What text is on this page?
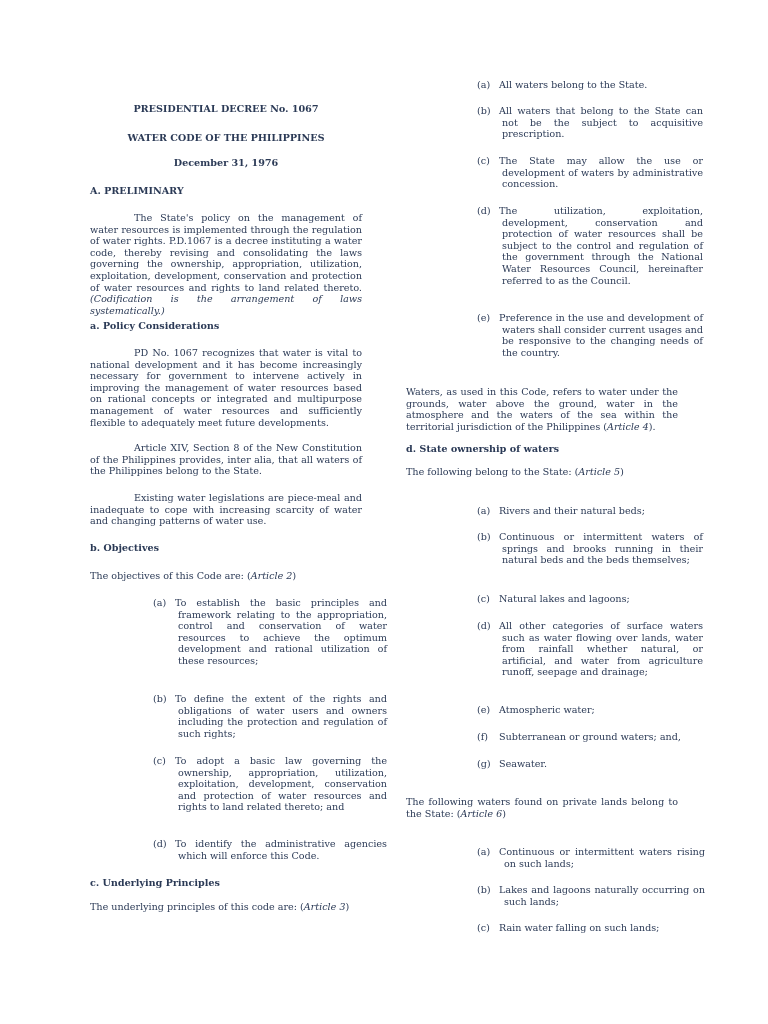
PRESIDENTIAL DECREE No. 1067

WATER CODE OF THE PHILIPPINES

December 31, 1976

A. PRELIMINARY

The State's policy on the management of water resources is implemented through the regulation of water rights. P.D.1067 is a decree instituting a water code, thereby revising and consolidating the laws governing the ownership, appropriation, utilization, exploitation, development, conservation and protection of water resources and rights to land related thereto. (Codification is the arrangement of laws systematically.)

a. Policy Considerations

PD No. 1067 recognizes that water is vital to national development and it has become increasingly necessary for government to intervene actively in improving the management of water resources based on rational concepts or integrated and multipurpose management of water resources and sufficiently flexible to adequately meet future developments.

Article XIV, Section 8 of the New Constitution of the Philippines provides, inter alia, that all waters of the Philippines belong to the State.

Existing water legislations are piece-meal and inadequate to cope with increasing scarcity of water and changing patterns of water use.

b. Objectives

The objectives of this Code are: (Article 2)

(a) To establish the basic principles and framework relating to the appropriation, control and conservation of water resources to achieve the optimum development and rational utilization of these resources;

(b) To define the extent of the rights and obligations of water users and owners including the protection and regulation of such rights;

(c) To adopt a basic law governing the ownership, appropriation, utilization, exploitation, development, conservation and protection of water resources and rights to land related thereto; and

(d) To identify the administrative agencies which will enforce this Code.

c. Underlying Principles

The underlying principles of this code are: (Article 3)

(a) All waters belong to the State.

(b) All waters that belong to the State can not be the subject to acquisitive prescription.

(c) The State may allow the use or development of waters by administrative concession.

(d) The utilization, exploitation, development, conservation and protection of water resources shall be subject to the control and regulation of the government through the National Water Resources Council, hereinafter referred to as the Council.

(e) Preference in the use and development of waters shall consider current usages and be responsive to the changing needs of the country.

Waters, as used in this Code, refers to water under the grounds, water above the ground, water in the atmosphere and the waters of the sea within the territorial jurisdiction of the Philippines (Article 4).

d. State ownership of waters

The following belong to the State: (Article 5)

(a) Rivers and their natural beds;

(b) Continuous or intermittent waters of springs and brooks running in their natural beds and the beds themselves;

(c) Natural lakes and lagoons;

(d) All other categories of surface waters such as water flowing over lands, water from rainfall whether natural, or artificial, and water from agriculture runoff, seepage and drainage;

(e) Atmospheric water;

(f) Subterranean or ground waters; and,

(g) Seawater.

The following waters found on private lands belong to the State: (Article 6)

(a) Continuous or intermittent waters rising on such lands;

(b) Lakes and lagoons naturally occurring on such lands;

(c) Rain water falling on such lands;
